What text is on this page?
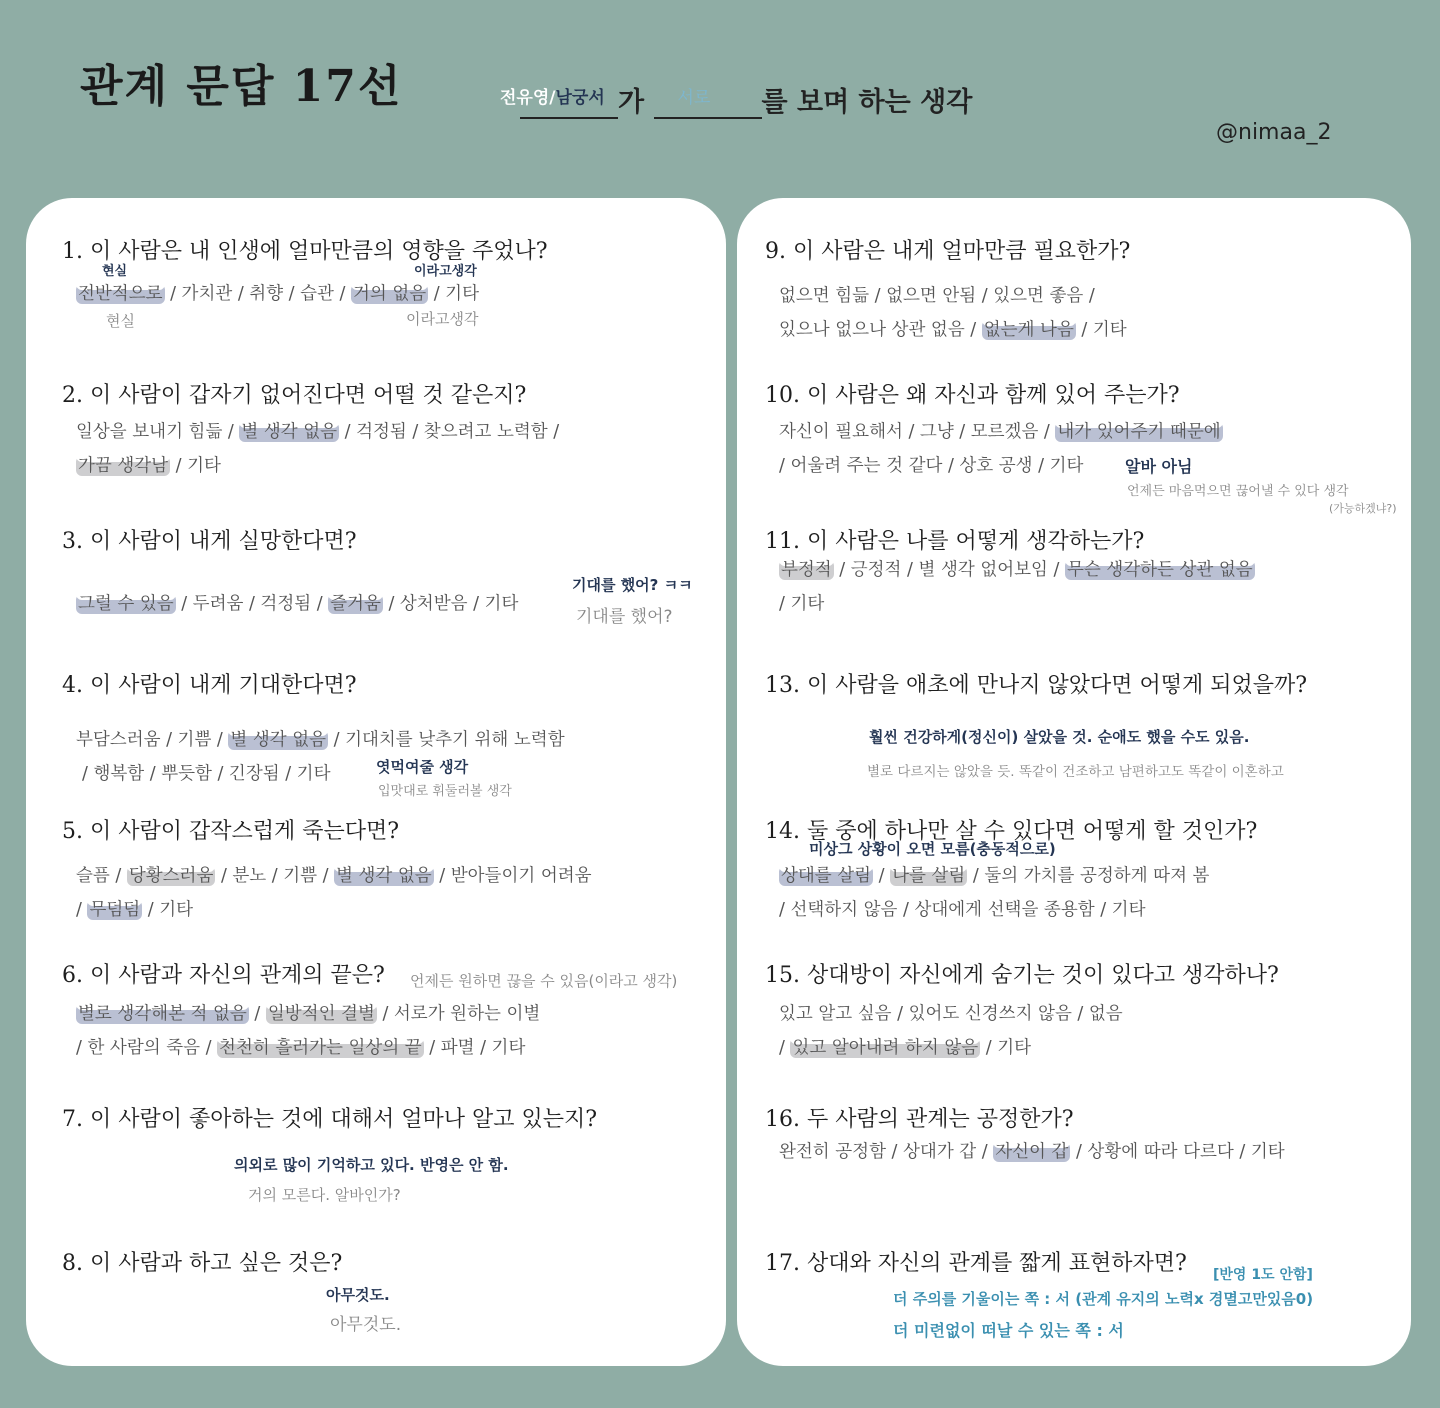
관계 문답 17선	전유영/남궁서 가 서로 를 보며 하는 생각
@nimaa_2
1. 이 사람은 내 인생에 얼마만큼의 영향을 주었나?
전반적으로 / 가치관 / 취향 / 습관 / 거의 없음 / 기타
현실
현실
이라고생각
이라고생각
2. 이 사람이 갑자기 없어진다면 어떨 것 같은지?
일상을 보내기 힘듦 / 별 생각 없음 / 걱정됨 / 찾으려고 노력함 /
가끔 생각남 / 기타
3. 이 사람이 내게 실망한다면?
그럴 수 있음 / 두려움 / 걱정됨 / 즐거움 / 상처받음 / 기타
기대를 했어? ㅋㅋ
기대를 했어?
4. 이 사람이 내게 기대한다면?
부담스러움 / 기쁨 / 별 생각 없음 / 기대치를 낮추기 위해 노력함
/ 행복함 / 뿌듯함 / 긴장됨 / 기타	엿먹여줄 생각
입맛대로 휘둘러볼 생각
5. 이 사람이 갑작스럽게 죽는다면?
슬픔 / 당황스러움 / 분노 / 기쁨 / 별 생각 없음 / 받아들이기 어려움
/ 무덤덤 / 기타
6. 이 사람과 자신의 관계의 끝은? 언제든 원하면 끊을 수 있음(이라고 생각)
별로 생각해본 적 없음 / 일방적인 결별 / 서로가 원하는 이별
/ 한 사람의 죽음 / 천천히 흘러가는 일상의 끝 / 파멸 / 기타
7. 이 사람이 좋아하는 것에 대해서 얼마나 알고 있는지?
의외로 많이 기억하고 있다. 반영은 안 함.
거의 모른다. 알바인가?
8. 이 사람과 하고 싶은 것은?
아무것도.
아무것도.
9. 이 사람은 내게 얼마만큼 필요한가?
없으면 힘듦 / 없으면 안됨 / 있으면 좋음 /
있으나 없으나 상관 없음 / 없는게 나음 / 기타
10. 이 사람은 왜 자신과 함께 있어 주는가?
자신이 필요해서 / 그냥 / 모르겠음 / 내가 있어주기 때문에
/ 어울려 주는 것 같다 / 상호 공생 / 기타	알바 아님
언제든 마음먹으면 끊어낼 수 있다 생각
(가능하겠냐?)
11. 이 사람은 나를 어떻게 생각하는가?
부정적 / 긍정적 / 별 생각 없어보임 / 무슨 생각하든 상관 없음
/ 기타
13. 이 사람을 애초에 만나지 않았다면 어떻게 되었을까?
훨씬 건강하게(정신이) 살았을 것. 순애도 했을 수도 있음.
별로 다르지는 않았을 듯. 똑같이 건조하고 남편하고도 똑같이 이혼하고
14. 둘 중에 하나만 살 수 있다면 어떻게 할 것인가?
미상그 상황이 오면 모름(충동적으로)
상대를 살림 / 나를 살림 / 둘의 가치를 공정하게 따져 봄
/ 선택하지 않음 / 상대에게 선택을 종용함 / 기타
15. 상대방이 자신에게 숨기는 것이 있다고 생각하나?
있고 알고 싶음 / 있어도 신경쓰지 않음 / 없음
/ 있고 알아내려 하지 않음 / 기타
16. 두 사람의 관계는 공정한가?
완전히 공정함 / 상대가 갑 / 자신이 갑 / 상황에 따라 다르다 / 기타
17. 상대와 자신의 관계를 짧게 표현하자면? [반영 1도 안함]
더 주의를 기울이는 쪽 : 서 (관계 유지의 노력x 경멸고만있음0)
더 미련없이 떠날 수 있는 쪽 : 서
